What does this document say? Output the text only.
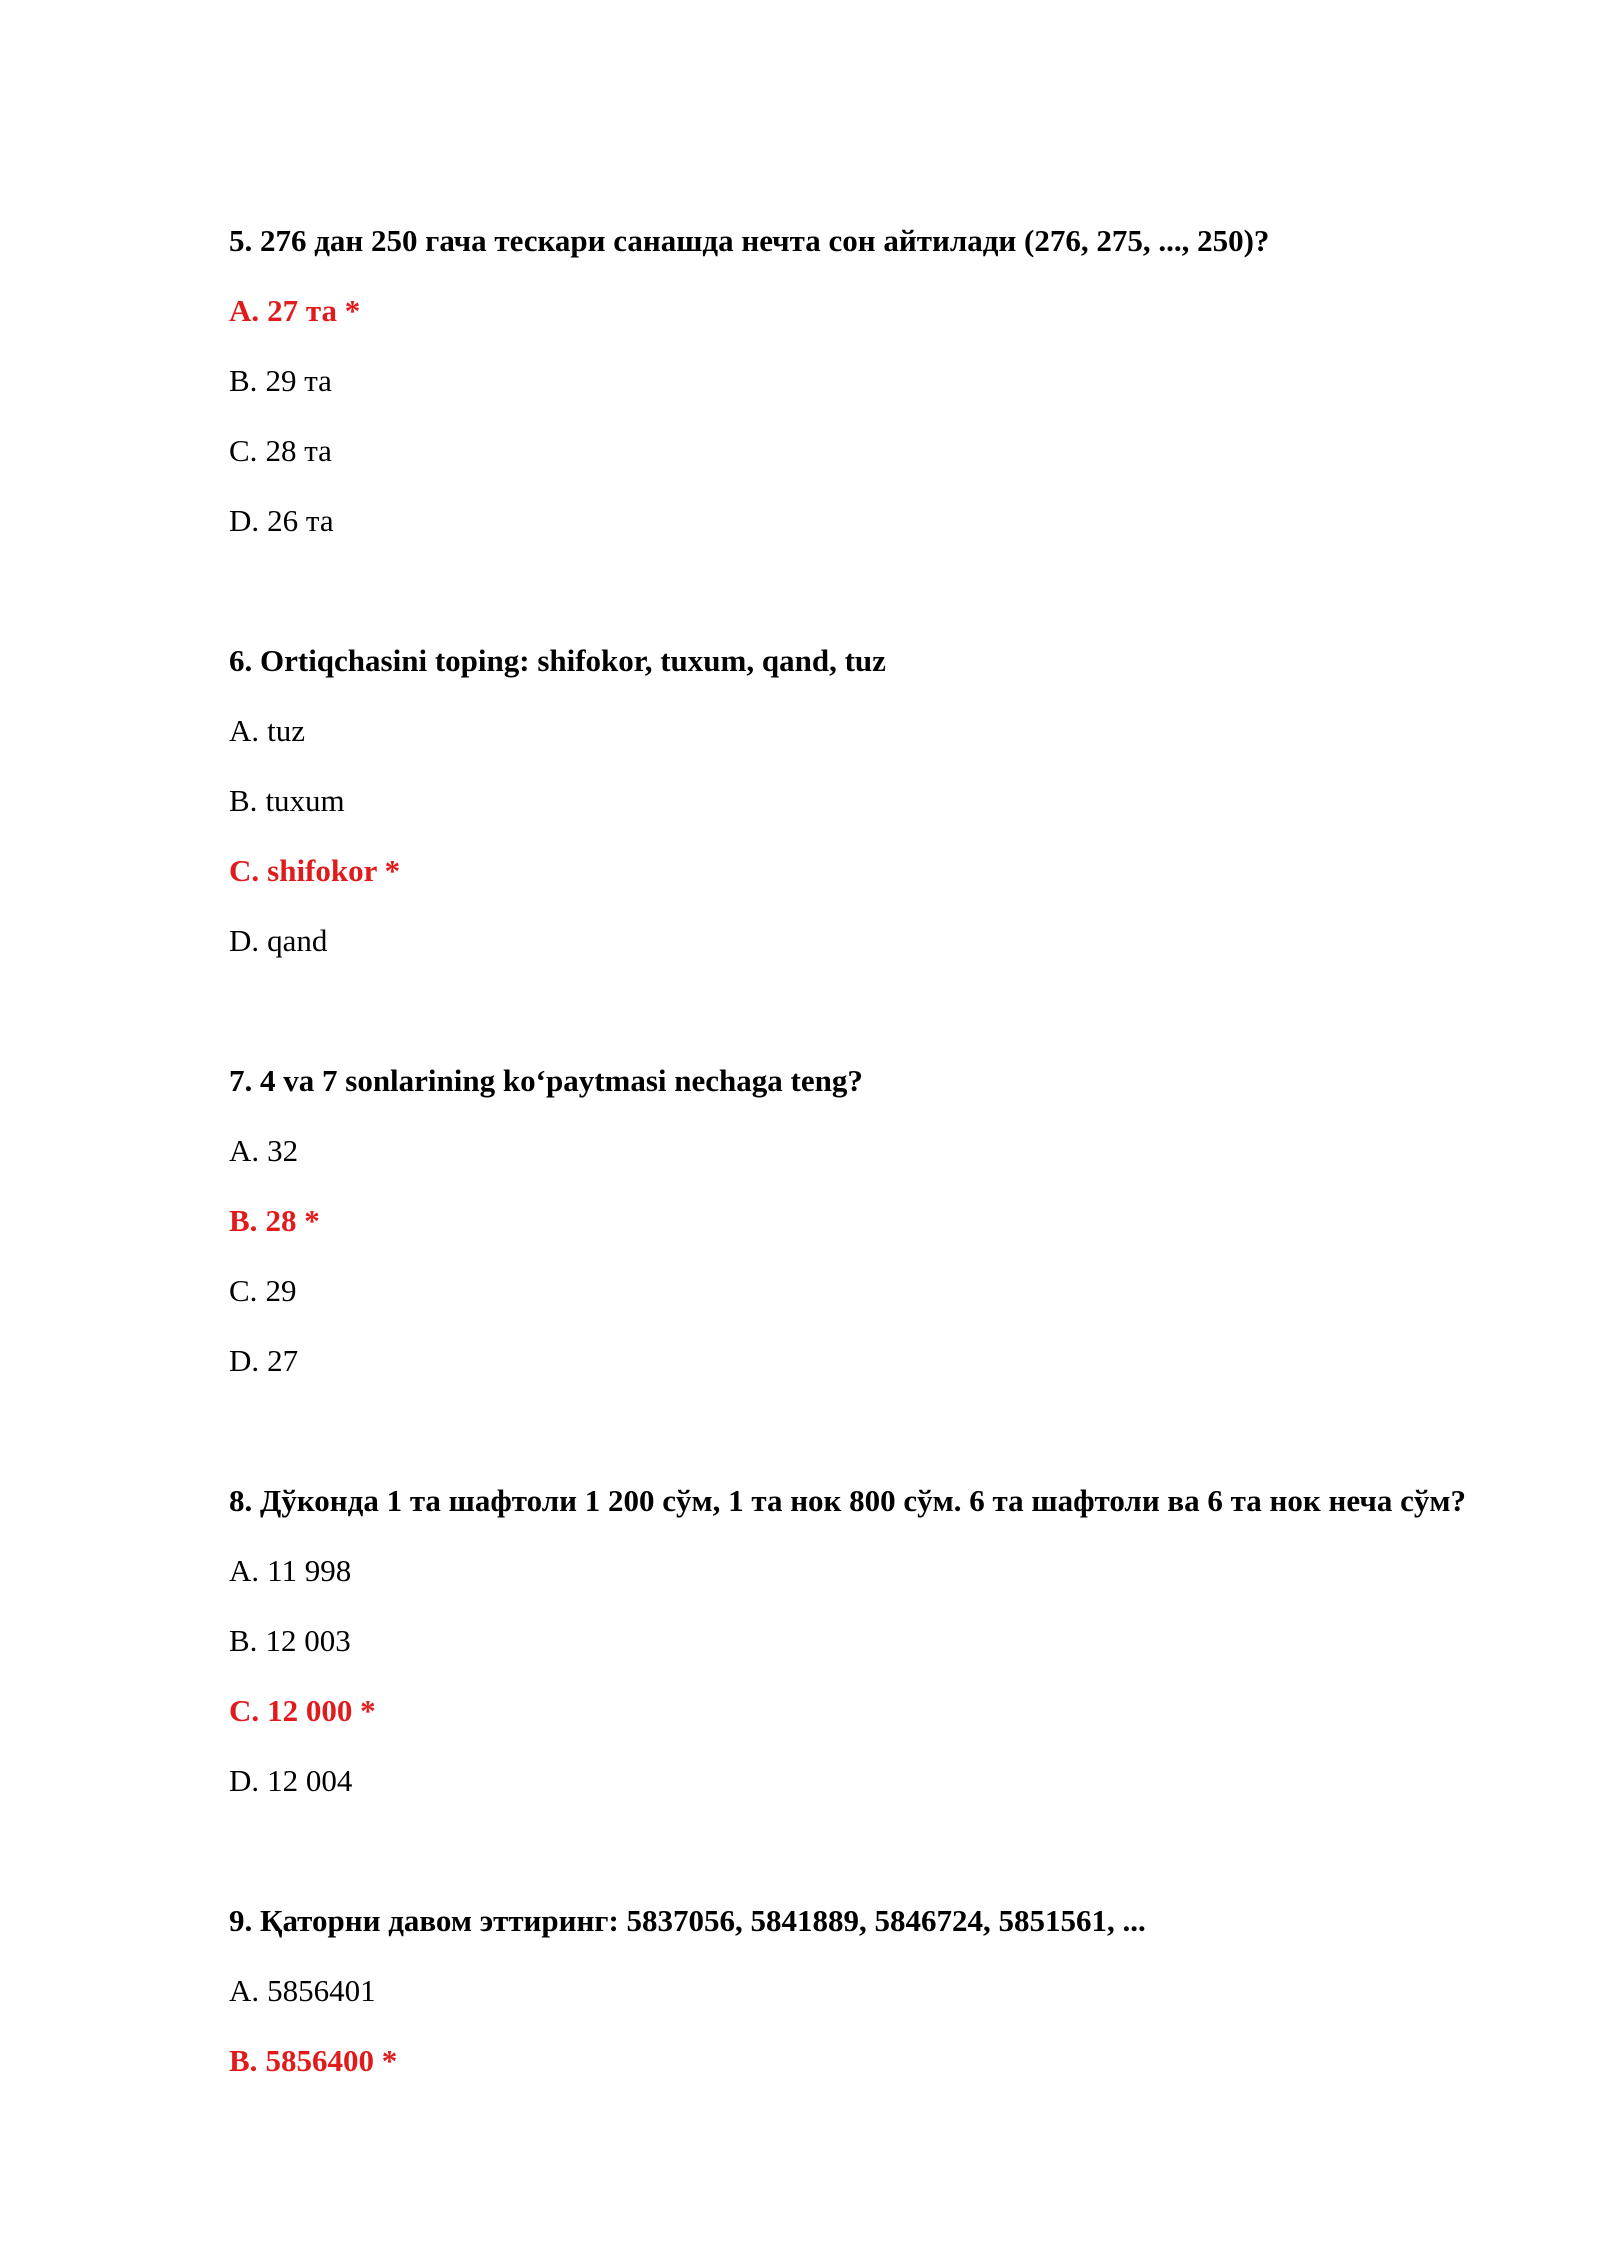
5. 276 дан 250 гача тескари санашда нечта сон айтилади (276, 275, ..., 250)?

A. 27 та *
B. 29 та
C. 28 та
D. 26 та

6. Ortiqchasini toping: shifokor, tuxum, qand, tuz

A. tuz
B. tuxum
C. shifokor *
D. qand

7. 4 va 7 sonlarining ko‘paytmasi nechaga teng?

A. 32
B. 28 *
C. 29
D. 27

8. Дўконда 1 та шафтоли 1 200 сўм, 1 та нок 800 сўм. 6 та шафтоли ва 6 та нок неча сўм?

A. 11 998
B. 12 003
C. 12 000 *
D. 12 004

9. Қаторни давом эттиринг: 5837056, 5841889, 5846724, 5851561, ...

A. 5856401
B. 5856400 *
